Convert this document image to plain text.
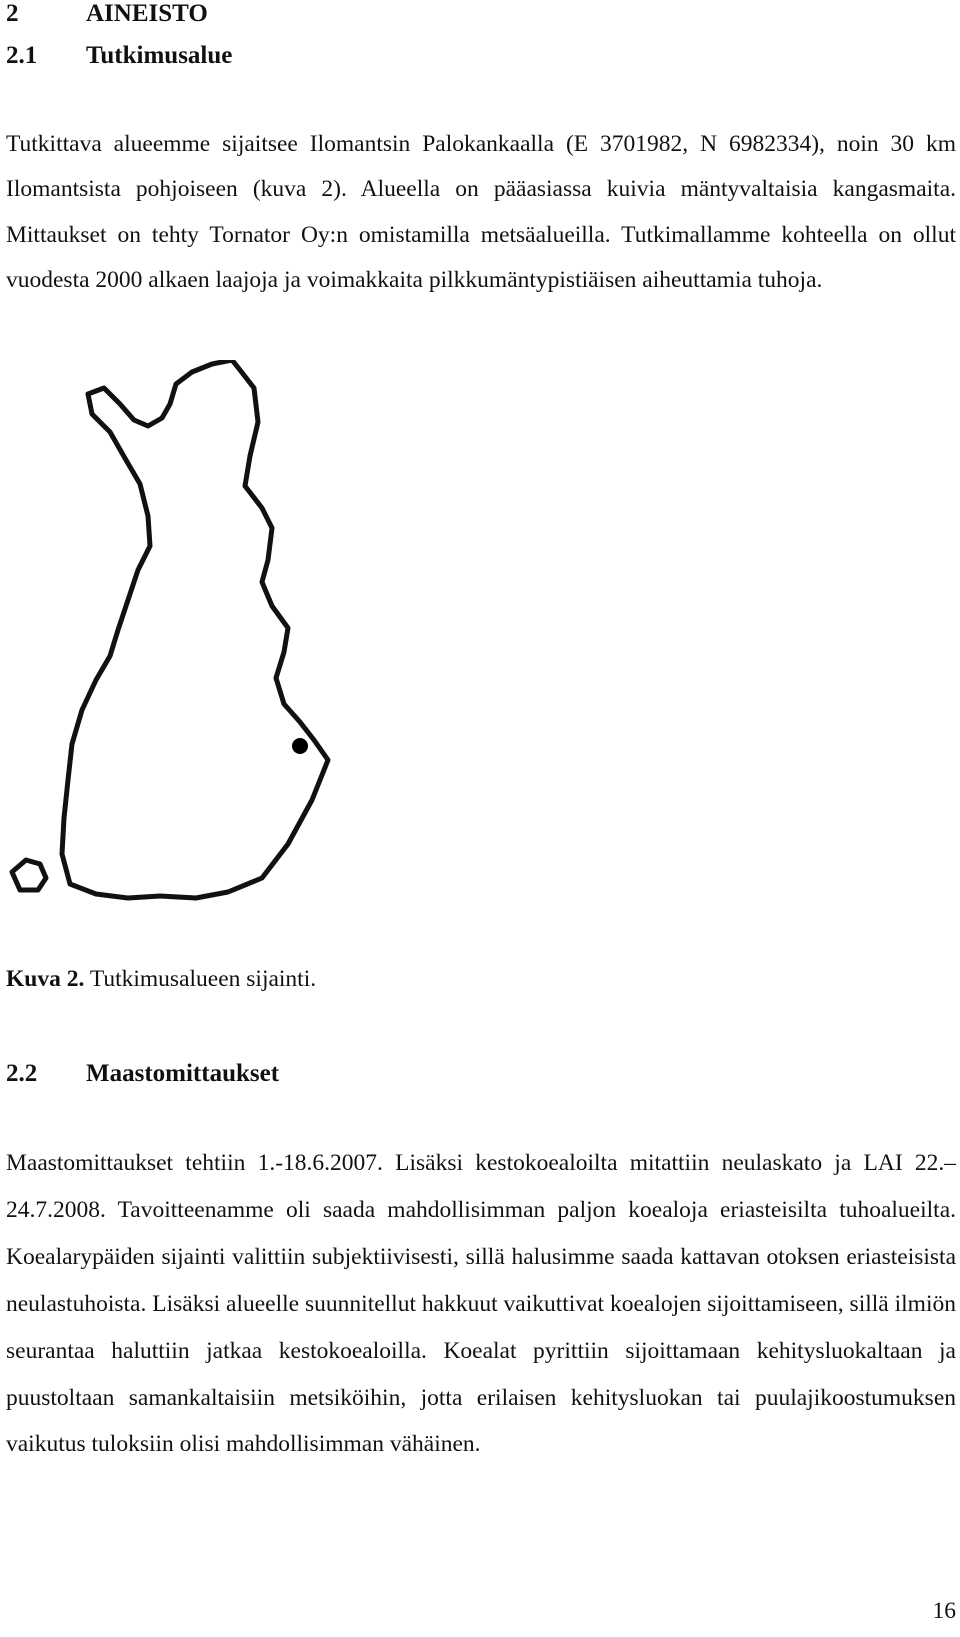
2	AINEISTO
2.1 Tutkimusalue
Tutkittava alueemme sijaitsee Ilomantsin Palokankaalla (E 3701982, N 6982334), noin 30 km Ilomantsista pohjoiseen (kuva 2). Alueella on pääasiassa kuivia mäntyvaltaisia kangasmaita. Mittaukset on tehty Tornator Oy:n omistamilla metsäalueilla. Tutkimallamme kohteella on ollut vuodesta 2000 alkaen laajoja ja voimakkaita pilkkumäntypistiäisen aiheuttamia tuhoja.
Kuva 2. Tutkimusalueen sijainti.
2.2 Maastomittaukset
Maastomittaukset tehtiin 1.-18.6.2007. Lisäksi kestokoealoilta mitattiin neulaskato ja LAI 22.–24.7.2008. Tavoitteenamme oli saada mahdollisimman paljon koealoja eriasteisilta tuhoalueilta. Koealarypäiden sijainti valittiin subjektiivisesti, sillä halusimme saada kattavan otoksen eriasteisista neulastuhoista. Lisäksi alueelle suunnitellut hakkuut vaikuttivat koealojen sijoittamiseen, sillä ilmiön seurantaa haluttiin jatkaa kestokoealoilla. Koealat pyrittiin sijoittamaan kehitysluokaltaan ja puustoltaan samankaltaisiin metsiköihin, jotta erilaisen kehitysluokan tai puulajikoostumuksen vaikutus tuloksiin olisi mahdollisimman vähäinen.
16
